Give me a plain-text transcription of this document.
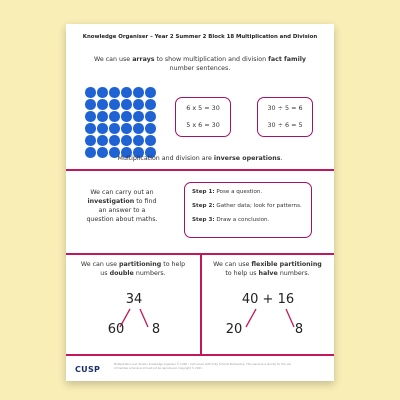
Knowledge Organiser – Year 2 Summer 2 Block 18 Multiplication and Division
We can use arrays to show multiplication and division fact family
number sentences.
6 x 5 = 30
5 x 6 = 30
30 ÷ 5 = 6
30 ÷ 6 = 5
Multiplication and division are inverse operations.
We can carry out an
investigation to find
an answer to a
question about maths.

Step 1: Pose a question.

Step 2: Gather data; look for patterns.

Step 3: Draw a conclusion.

We can use partitioning to help
us double numbers.
34
60	8
We can use flexible partitioning
to help us halve numbers.
40 + 16
20	8
CUSP
Multiplication and division knowledge organiser © CUSP – Curriculum with Unity Schools Partnership. This resource is strictly for the use of member schools and must not be reproduced. Copyright © 2021.
